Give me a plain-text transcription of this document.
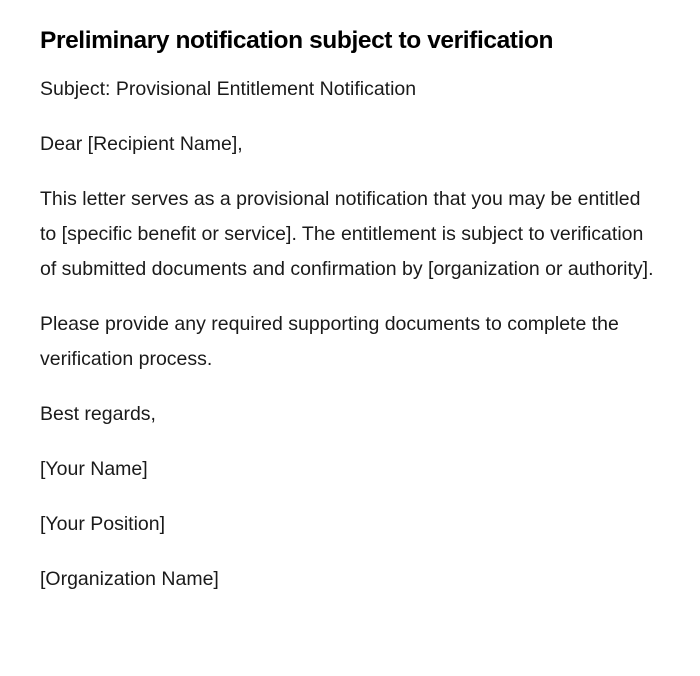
Preliminary notification subject to verification

Subject: Provisional Entitlement Notification

Dear [Recipient Name],

This letter serves as a provisional notification that you may be entitled to [specific benefit or service]. The entitlement is subject to verification of submitted documents and confirmation by [organization or authority].

Please provide any required supporting documents to complete the verification process.

Best regards,

[Your Name]

[Your Position]

[Organization Name]
